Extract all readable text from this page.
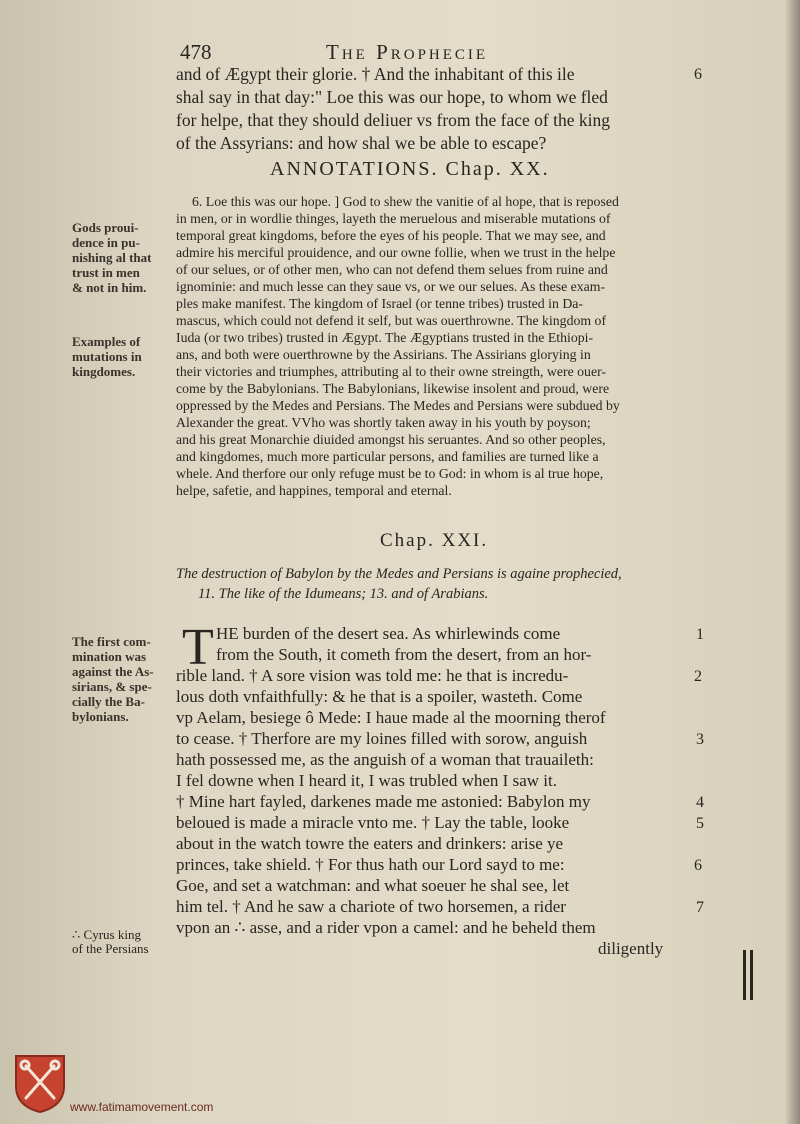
478	The Prophecie
and of Ægypt their glorie. † And the inhabitant of this ile
shal say in that day:" Loe this was our hope, to whom we fled
for helpe, that they should deliuer vs from the face of the king
of the Assyrians: and how shal we be able to escape?
6
ANNOTATIONS. Chap. XX.
6. Loe this was our hope. ] God to shew the vanitie of al hope, that is reposed
in men, or in wordlie thinges, layeth the meruelous and miserable mutations of
temporal great kingdoms, before the eyes of his people. That we may see, and
admire his merciful prouidence, and our owne follie, when we trust in the helpe
of our selues, or of other men, who can not defend them selues from ruine and
ignominie: and much lesse can they saue vs, or we our selues. As these exam-
ples make manifest. The kingdom of Israel (or tenne tribes) trusted in Da-
mascus, which could not defend it self, but was ouerthrowne. The kingdom of
Iuda (or two tribes) trusted in Ægypt. The Ægyptians trusted in the Ethiopi-
ans, and both were ouerthrowne by the Assirians. The Assirians glorying in
their victories and triumphes, attributing al to their owne streingth, were ouer-
come by the Babylonians. The Babylonians, likewise insolent and proud, were
oppressed by the Medes and Persians. The Medes and Persians were subdued by
Alexander the great. VVho was shortly taken away in his youth by poyson;
and his great Monarchie diuided amongst his seruantes. And so other peoples,
and kingdomes, much more particular persons, and families are turned like a
whele. And therfore our only refuge must be to God: in whom is al true hope,
helpe, safetie, and happines, temporal and eternal.
Gods proui-
dence in pu-
nishing al that
trust in men
& not in him.
Examples of
mutations in
kingdomes.
Chap. XXI.
The destruction of Babylon by the Medes and Persians is againe prophecied,
11. The like of the Idumeans; 13. and of Arabians.
T HE burden of the desert sea. As whirlewinds come
from the South, it cometh from the desert, from an hor-
rible land. † A sore vision was told me: he that is incredu-
lous doth vnfaithfully: & he that is a spoiler, wasteth. Come
vp Aelam, besiege ô Mede: I haue made al the moorning therof
to cease. † Therfore are my loines filled with sorow, anguish
hath possessed me, as the anguish of a woman that trauaileth:
I fel downe when I heard it, I was trubled when I saw it.
† Mine hart fayled, darkenes made me astonied: Babylon my
beloued is made a miracle vnto me. † Lay the table, looke
about in the watch towre the eaters and drinkers: arise ye
princes, take shield. † For thus hath our Lord sayd to me:
Goe, and set a watchman: and what soeuer he shal see, let
him tel. † And he saw a chariote of two horsemen, a rider
vpon an ∴ asse, and a rider vpon a camel: and he beheld them
diligently
1
2
3
4
5
6
7
The first com-
mination was
against the As-
sirians, & spe-
cially the Ba-
bylonians.
∴ Cyrus king
of the Persians
www.fatimamovement.com
